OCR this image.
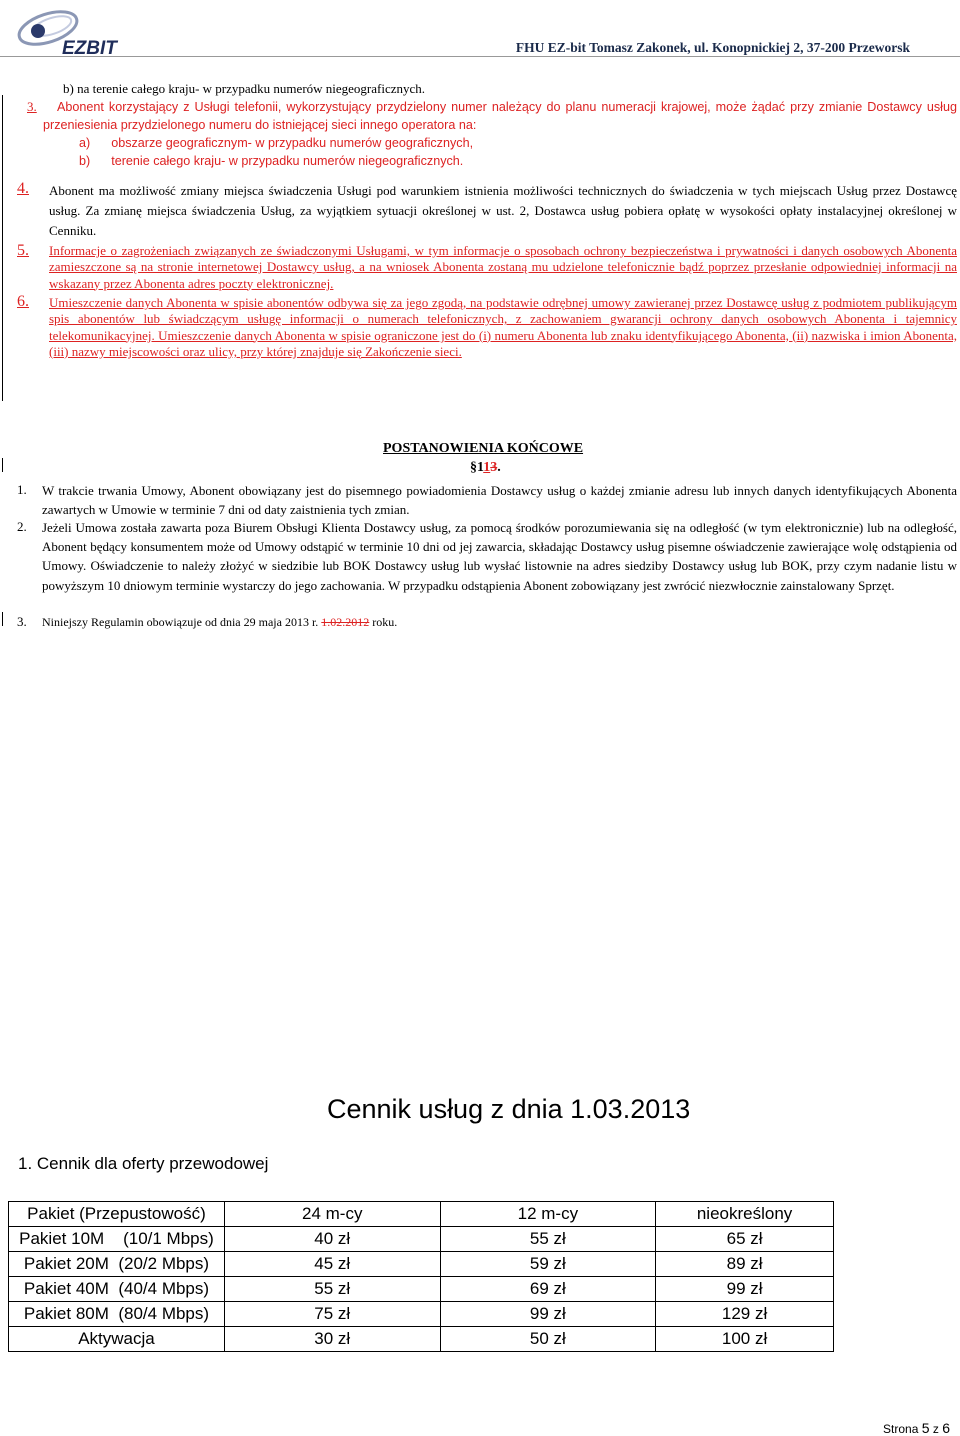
EZBIT	FHU EZ-bit Tomasz Zakonek, ul. Konopnickiej 2, 37-200 Przeworsk
b) na terenie całego kraju- w przypadku numerów niegeograficznych.
3.	Abonent korzystający z Usługi telefonii, wykorzystujący przydzielony numer należący do planu numeracji krajowej, może żądać przy zmianie Dostawcy usług przeniesienia przydzielonego numeru do istniejącej sieci innego operatora na:
a)      obszarze geograficznym- w przypadku numerów geograficznych,
b)      terenie całego kraju- w przypadku numerów niegeograficznych.
4.	Abonent ma możliwość zmiany miejsca świadczenia Usługi pod warunkiem istnienia możliwości technicznych do świadczenia w tych miejscach Usług przez Dostawcę usług. Za zmianę miejsca świadczenia Usług, za wyjątkiem sytuacji określonej w ust. 2, Dostawca usług pobiera opłatę w wysokości opłaty instalacyjnej określonej w Cenniku.
5. Informacje o zagrożeniach związanych ze świadczonymi Usługami, w tym informacje o sposobach ochrony bezpieczeństwa i prywatności i danych osobowych Abonenta zamieszczone są na stronie internetowej Dostawcy usług, a na wniosek Abonenta zostaną mu udzielone telefonicznie bądź poprzez przesłanie odpowiedniej informacji na wskazany przez Abonenta adres poczty elektronicznej.
6. Umieszczenie danych Abonenta w spisie abonentów odbywa się za jego zgodą, na podstawie odrębnej umowy zawieranej przez Dostawcę usług z podmiotem publikującym spis abonentów lub świadczącym usługę informacji o numerach telefonicznych, z zachowaniem gwarancji ochrony danych osobowych Abonenta i tajemnicy telekomunikacyjnej. Umieszczenie danych Abonenta w spisie ograniczone jest do (i) numeru Abonenta lub znaku identyfikującego Abonenta, (ii) nazwiska i imion Abonenta, (iii) nazwy miejscowości oraz ulicy, przy której znajduje się Zakończenie sieci.
POSTANOWIENIA KOŃCOWE
§113.
1. W trakcie trwania Umowy, Abonent obowiązany jest do pisemnego powiadomienia Dostawcy usług o każdej zmianie adresu lub innych danych identyfikujących Abonenta zawartych w Umowie w terminie 7 dni od daty zaistnienia tych zmian.
2. Jeżeli Umowa została zawarta poza Biurem Obsługi Klienta Dostawcy usług, za pomocą środków porozumiewania się na odległość (w tym elektronicznie) lub na odległość, Abonent będący konsumentem może od Umowy odstąpić w terminie 10 dni od jej zawarcia, składając Dostawcy usług pisemne oświadczenie zawierające wolę odstąpienia od Umowy. Oświadczenie to należy złożyć w siedzibie lub BOK Dostawcy usług lub wysłać listownie na adres siedziby Dostawcy usług lub BOK, przy czym nadanie listu w powyższym 10 dniowym terminie wystarczy do jego zachowania. W przypadku odstąpienia Abonent zobowiązany jest zwrócić niezwłocznie zainstalowany Sprzęt.
3. Niniejszy Regulamin obowiązuje od dnia 29 maja 2013 r. 1.02.2012 roku.
Cennik usług z dnia 1.03.2013
1. Cennik dla oferty przewodowej
Pakiet (Przepustowość)	24 m-cy	12 m-cy	nieokreślony
Pakiet 10M    (10/1 Mbps)	40 zł	55 zł	65 zł
Pakiet 20M  (20/2 Mbps)	45 zł	59 zł	89 zł
Pakiet 40M  (40/4 Mbps)	55 zł	69 zł	99 zł
Pakiet 80M  (80/4 Mbps)	75 zł	99 zł	129 zł
Aktywacja	30 zł	50 zł	100 zł
Strona 5 z 6
